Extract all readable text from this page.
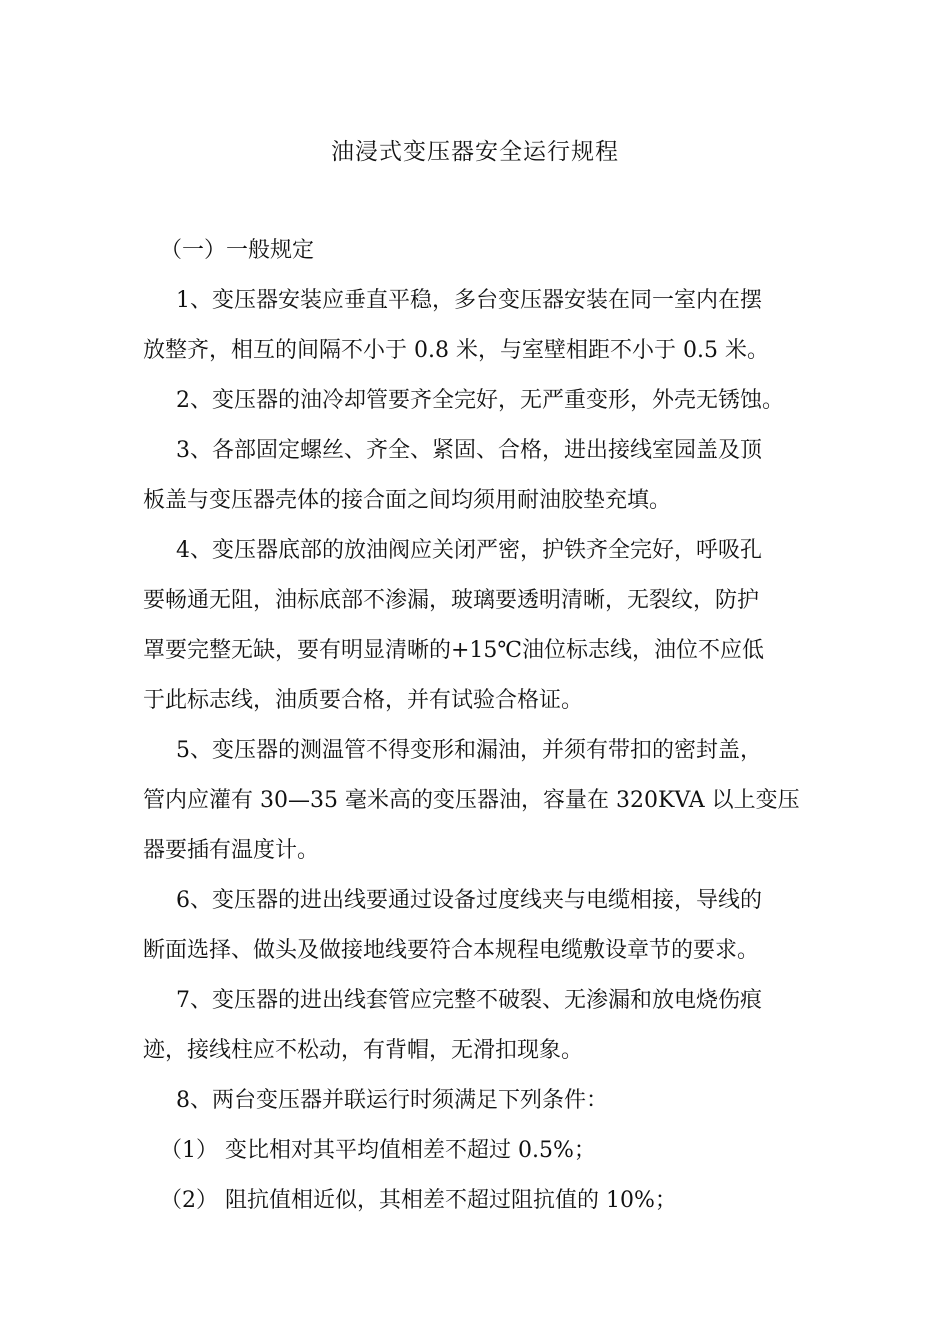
油浸式变压器安全运行规程
（一）一般规定
1、变压器安装应垂直平稳，多台变压器安装在同一室内在摆
放整齐，相互的间隔不小于 0.8 米，与室壁相距不小于 0.5 米。
2、变压器的油冷却管要齐全完好，无严重变形，外壳无锈蚀。
3、各部固定螺丝、齐全、紧固、合格，进出接线室园盖及顶
板盖与变压器壳体的接合面之间均须用耐油胶垫充填。
4、变压器底部的放油阀应关闭严密，护铁齐全完好，呼吸孔
要畅通无阻，油标底部不渗漏，玻璃要透明清晰，无裂纹，防护
罩要完整无缺，要有明显清晰的+15℃油位标志线，油位不应低
于此标志线，油质要合格，并有试验合格证。
5、变压器的测温管不得变形和漏油，并须有带扣的密封盖，
管内应灌有 30—35 毫米高的变压器油，容量在 320KVA 以上变压
器要插有温度计。
6、变压器的进出线要通过设备过度线夹与电缆相接，导线的
断面选择、做头及做接地线要符合本规程电缆敷设章节的要求。
7、变压器的进出线套管应完整不破裂、无渗漏和放电烧伤痕
迹，接线柱应不松动，有背帽，无滑扣现象。
8、两台变压器并联运行时须满足下列条件：
（1） 变比相对其平均值相差不超过 0.5%；
（2） 阻抗值相近似，其相差不超过阻抗值的 10%；
